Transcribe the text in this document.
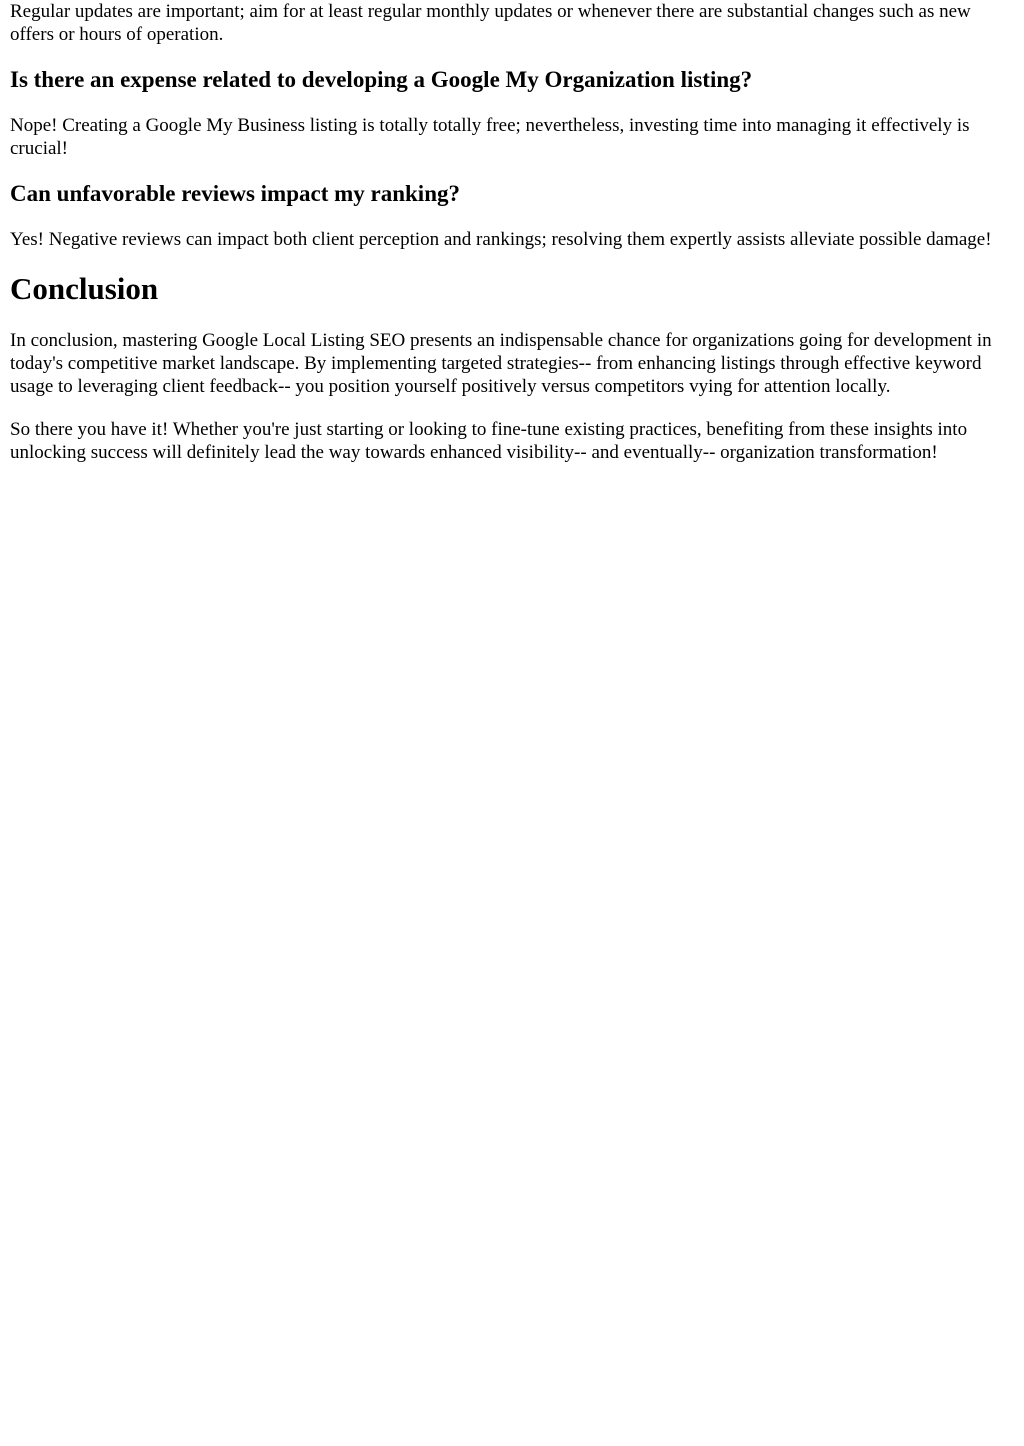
Regular updates are important; aim for at least regular monthly updates or whenever there are substantial changes such as new offers or hours of operation.

Is there an expense related to developing a Google My Organization listing?

Nope! Creating a Google My Business listing is totally totally free; nevertheless, investing time into managing it effectively is crucial!

Can unfavorable reviews impact my ranking?

Yes! Negative reviews can impact both client perception and rankings; resolving them expertly assists alleviate possible damage!

Conclusion

In conclusion, mastering Google Local Listing SEO presents an indispensable chance for organizations going for development in today's competitive market landscape. By implementing targeted strategies-- from enhancing listings through effective keyword usage to leveraging client feedback-- you position yourself positively versus competitors vying for attention locally.

So there you have it! Whether you're just starting or looking to fine-tune existing practices, benefiting from these insights into unlocking success will definitely lead the way towards enhanced visibility-- and eventually-- organization transformation!
